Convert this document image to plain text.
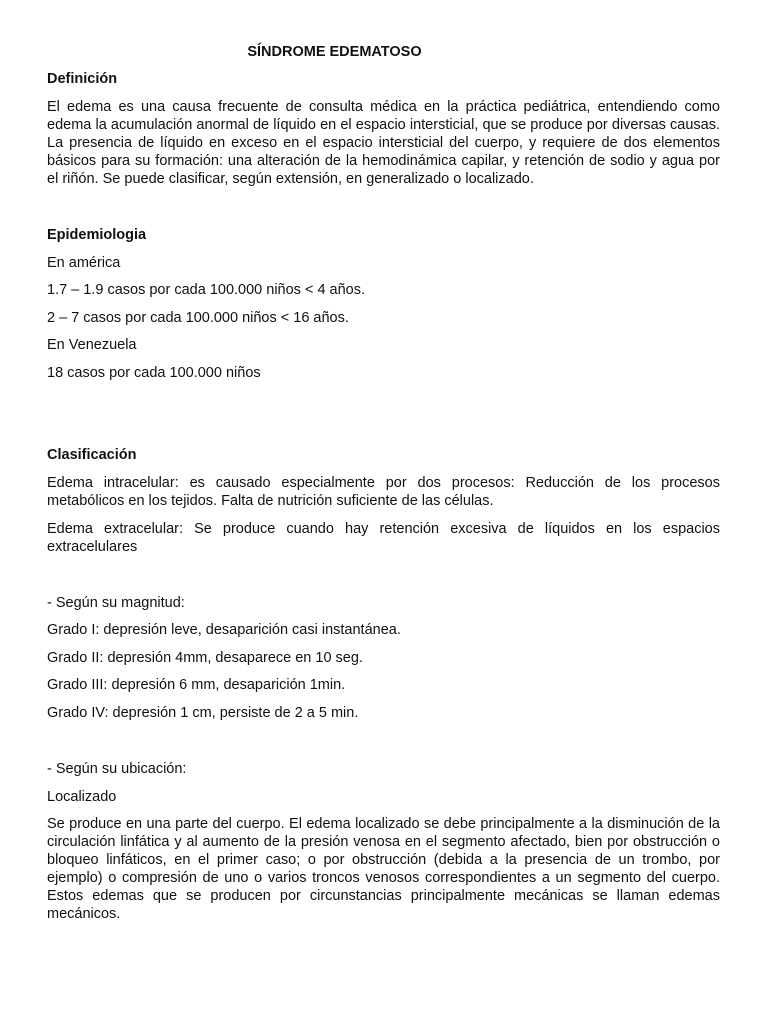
SÍNDROME EDEMATOSO
Definición

El edema es una causa frecuente de consulta médica en la práctica pediátrica, entendiendo como edema la acumulación anormal de líquido en el espacio intersticial, que se produce por diversas causas. La presencia de líquido en exceso en el espacio intersticial del cuerpo, y requiere de dos elementos básicos para su formación: una alteración de la hemodinámica capilar, y retención de sodio y agua por el riñón. Se puede clasificar, según extensión, en generalizado o localizado.

Epidemiologia

En américa

1.7 – 1.9 casos por cada 100.000 niños < 4 años.

2 – 7 casos por cada 100.000 niños < 16 años.

En Venezuela

18 casos por cada 100.000 niños

Clasificación

Edema intracelular: es causado especialmente por dos procesos: Reducción de los procesos metabólicos en los tejidos. Falta de nutrición suficiente de las células.

Edema extracelular: Se produce cuando hay retención excesiva de líquidos en los espacios extracelulares

- Según su magnitud:

Grado I: depresión leve, desaparición casi instantánea.

Grado II: depresión 4mm, desaparece en 10 seg.

Grado III: depresión 6 mm, desaparición 1min.

Grado IV: depresión 1 cm, persiste de 2 a 5 min.

- Según su ubicación:

Localizado

Se produce en una parte del cuerpo. El edema localizado se debe principalmente a la disminución de la circulación linfática y al aumento de la presión venosa en el segmento afectado, bien por obstrucción o bloqueo linfáticos, en el primer caso; o por obstrucción (debida a la presencia de un trombo, por ejemplo) o compresión de uno o varios troncos venosos correspondientes a un segmento del cuerpo. Estos edemas que se producen por circunstancias principalmente mecánicas se llaman edemas mecánicos.
